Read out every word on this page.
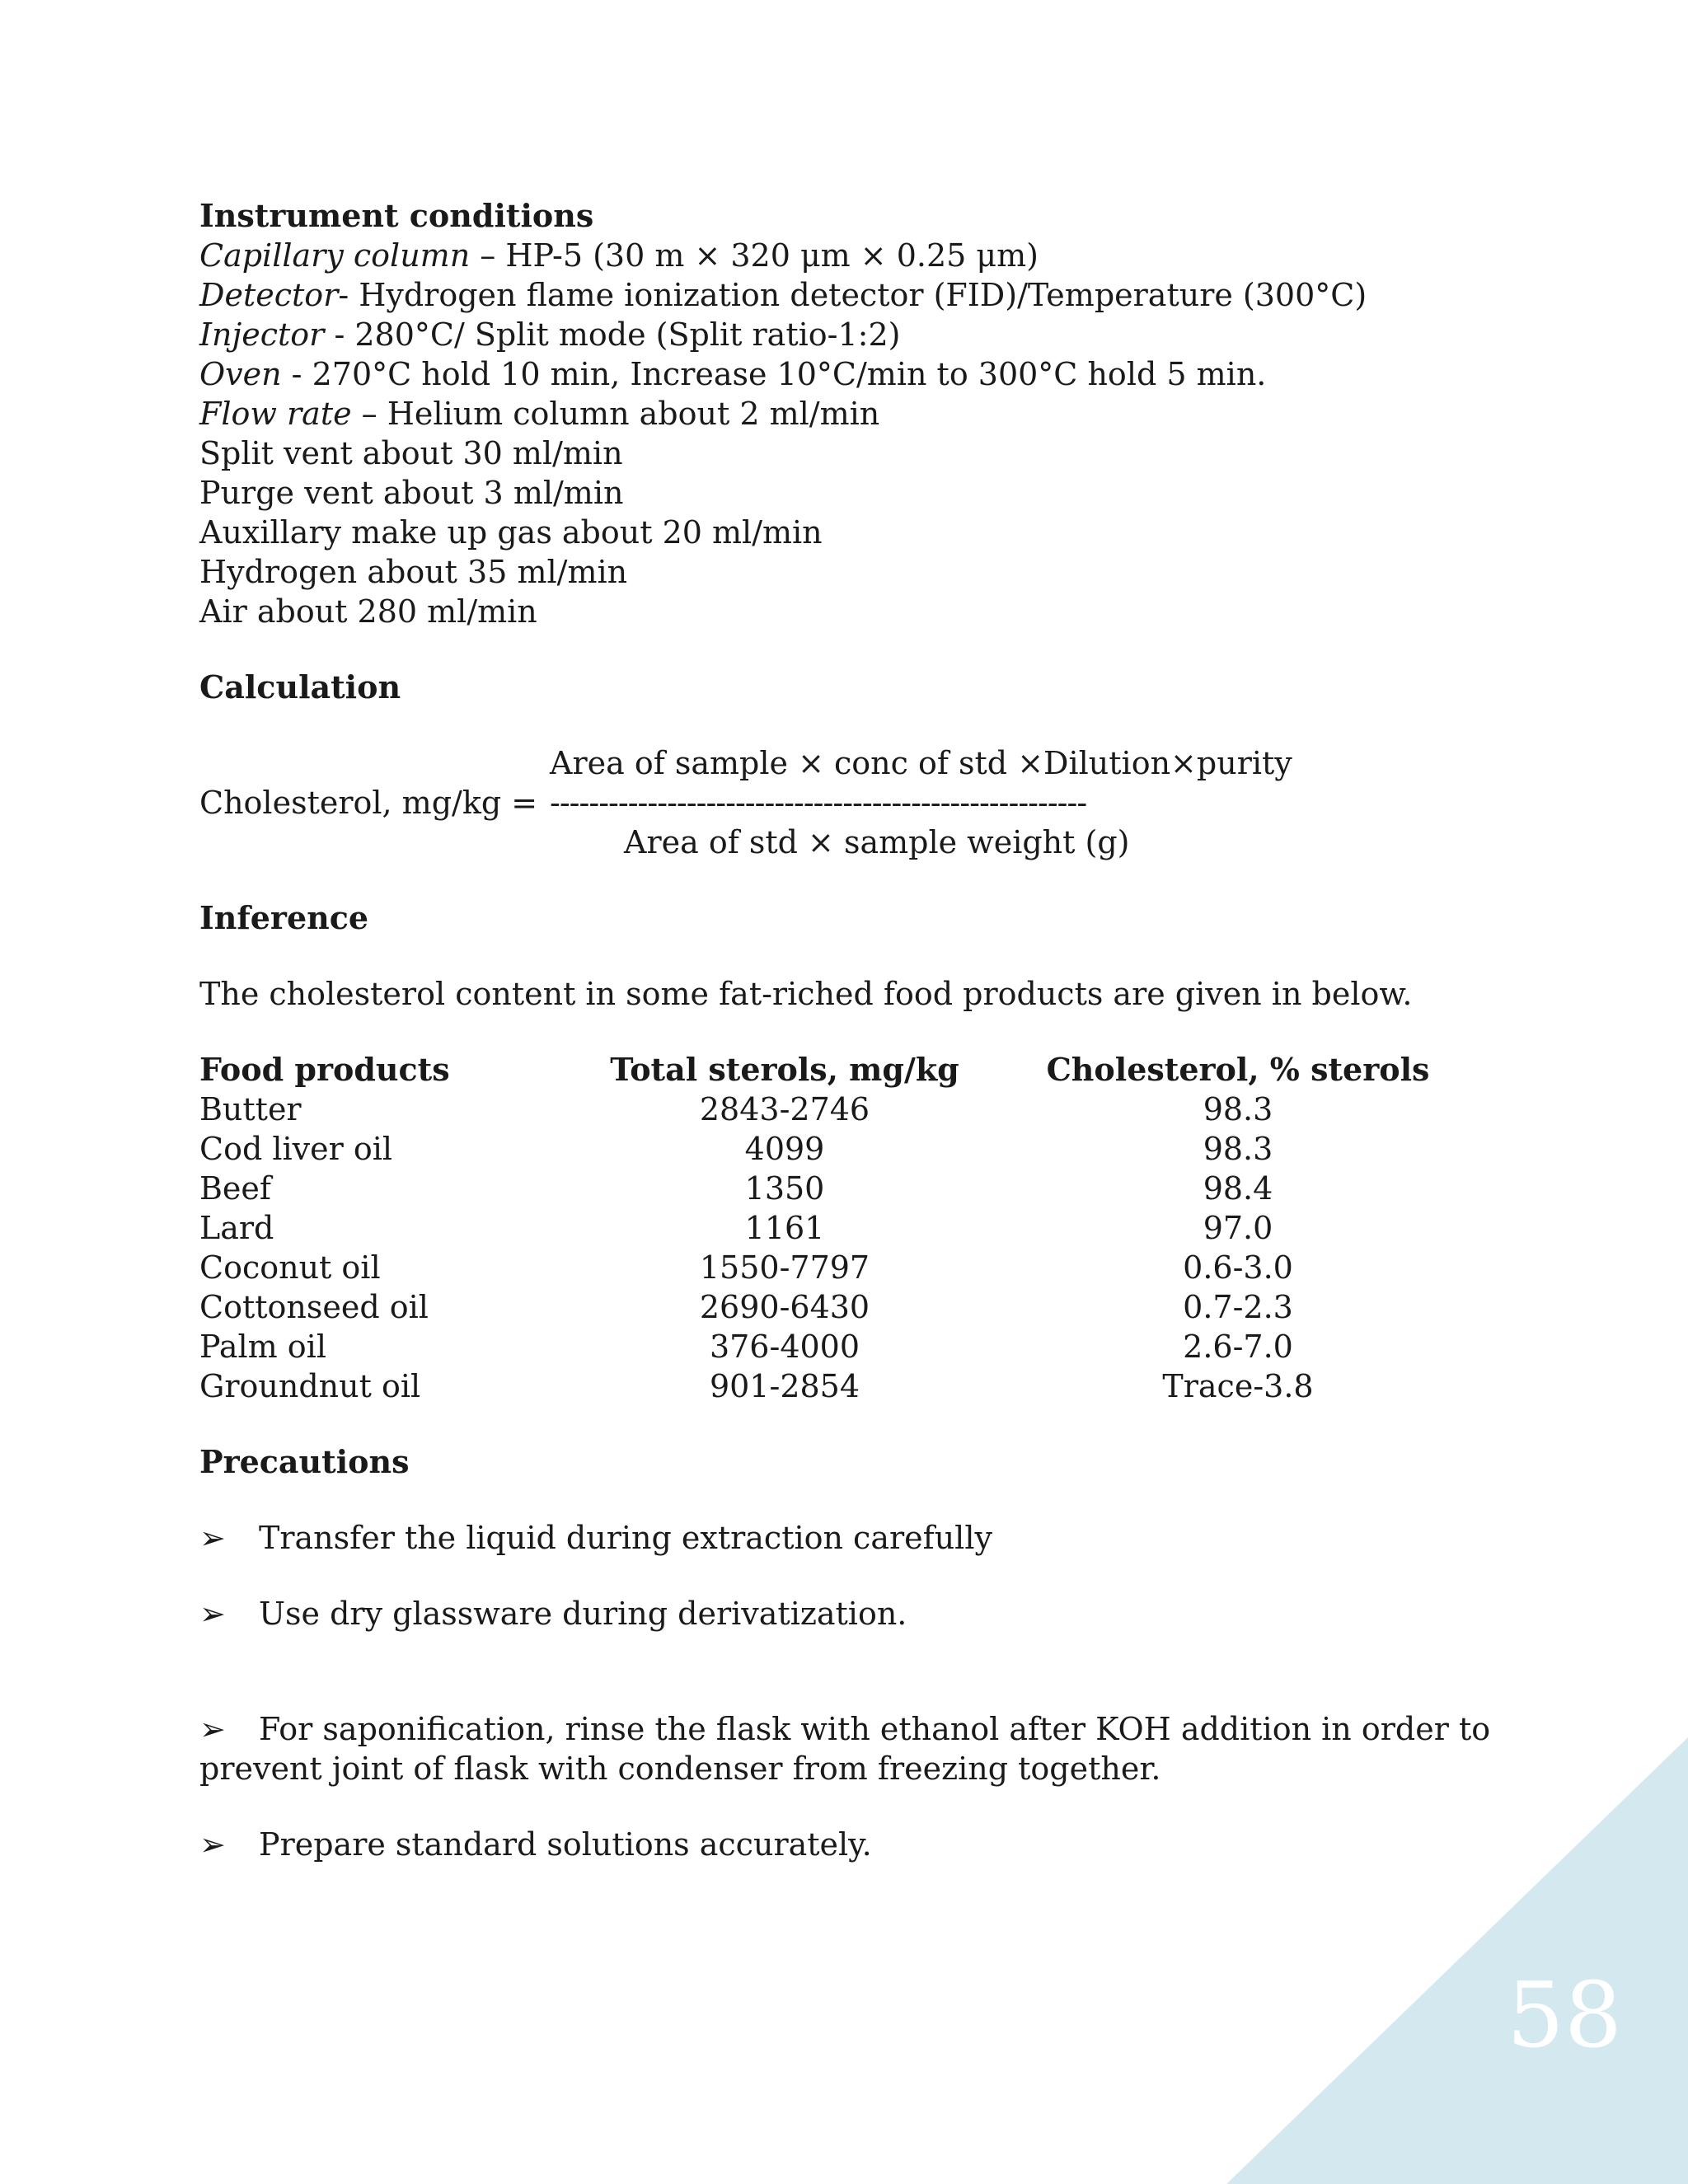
58

Instrument conditions

Capillary column – HP-5 (30 m × 320 μm × 0.25 μm)

Detector- Hydrogen flame ionization detector (FID)/Temperature (300°C)

Injector - 280°C/ Split mode (Split ratio-1:2)

Oven - 270°C hold 10 min, Increase 10°C/min to 300°C hold 5 min.

Flow rate – Helium column about 2 ml/min

Split vent about 30 ml/min

Purge vent about 3 ml/min

Auxillary make up gas about 20 ml/min

Hydrogen about 35 ml/min

Air about 280 ml/min

Calculation

Area of sample × conc of std ×Dilution×purity
Cholesterol, mg/kg = -------------------------------------------------------
Area of std × sample weight (g)

Inference

The cholesterol content in some fat-riched food products are given in below.

Food products	Total sterols, mg/kg	Cholesterol, % sterols
Butter	2843-2746	98.3
Cod liver oil	4099	98.3
Beef	1350	98.4
Lard	1161	97.0
Coconut oil	1550-7797	0.6-3.0
Cottonseed oil	2690-6430	0.7-2.3
Palm oil	376-4000	2.6-7.0
Groundnut oil	901-2854	Trace-3.8

Precautions

➢	Transfer the liquid during extraction carefully

➢	Use dry glassware during derivatization.

➢	For saponification, rinse the flask with ethanol after KOH addition in order to prevent joint of flask with condenser from freezing together.

➢	Prepare standard solutions accurately.
